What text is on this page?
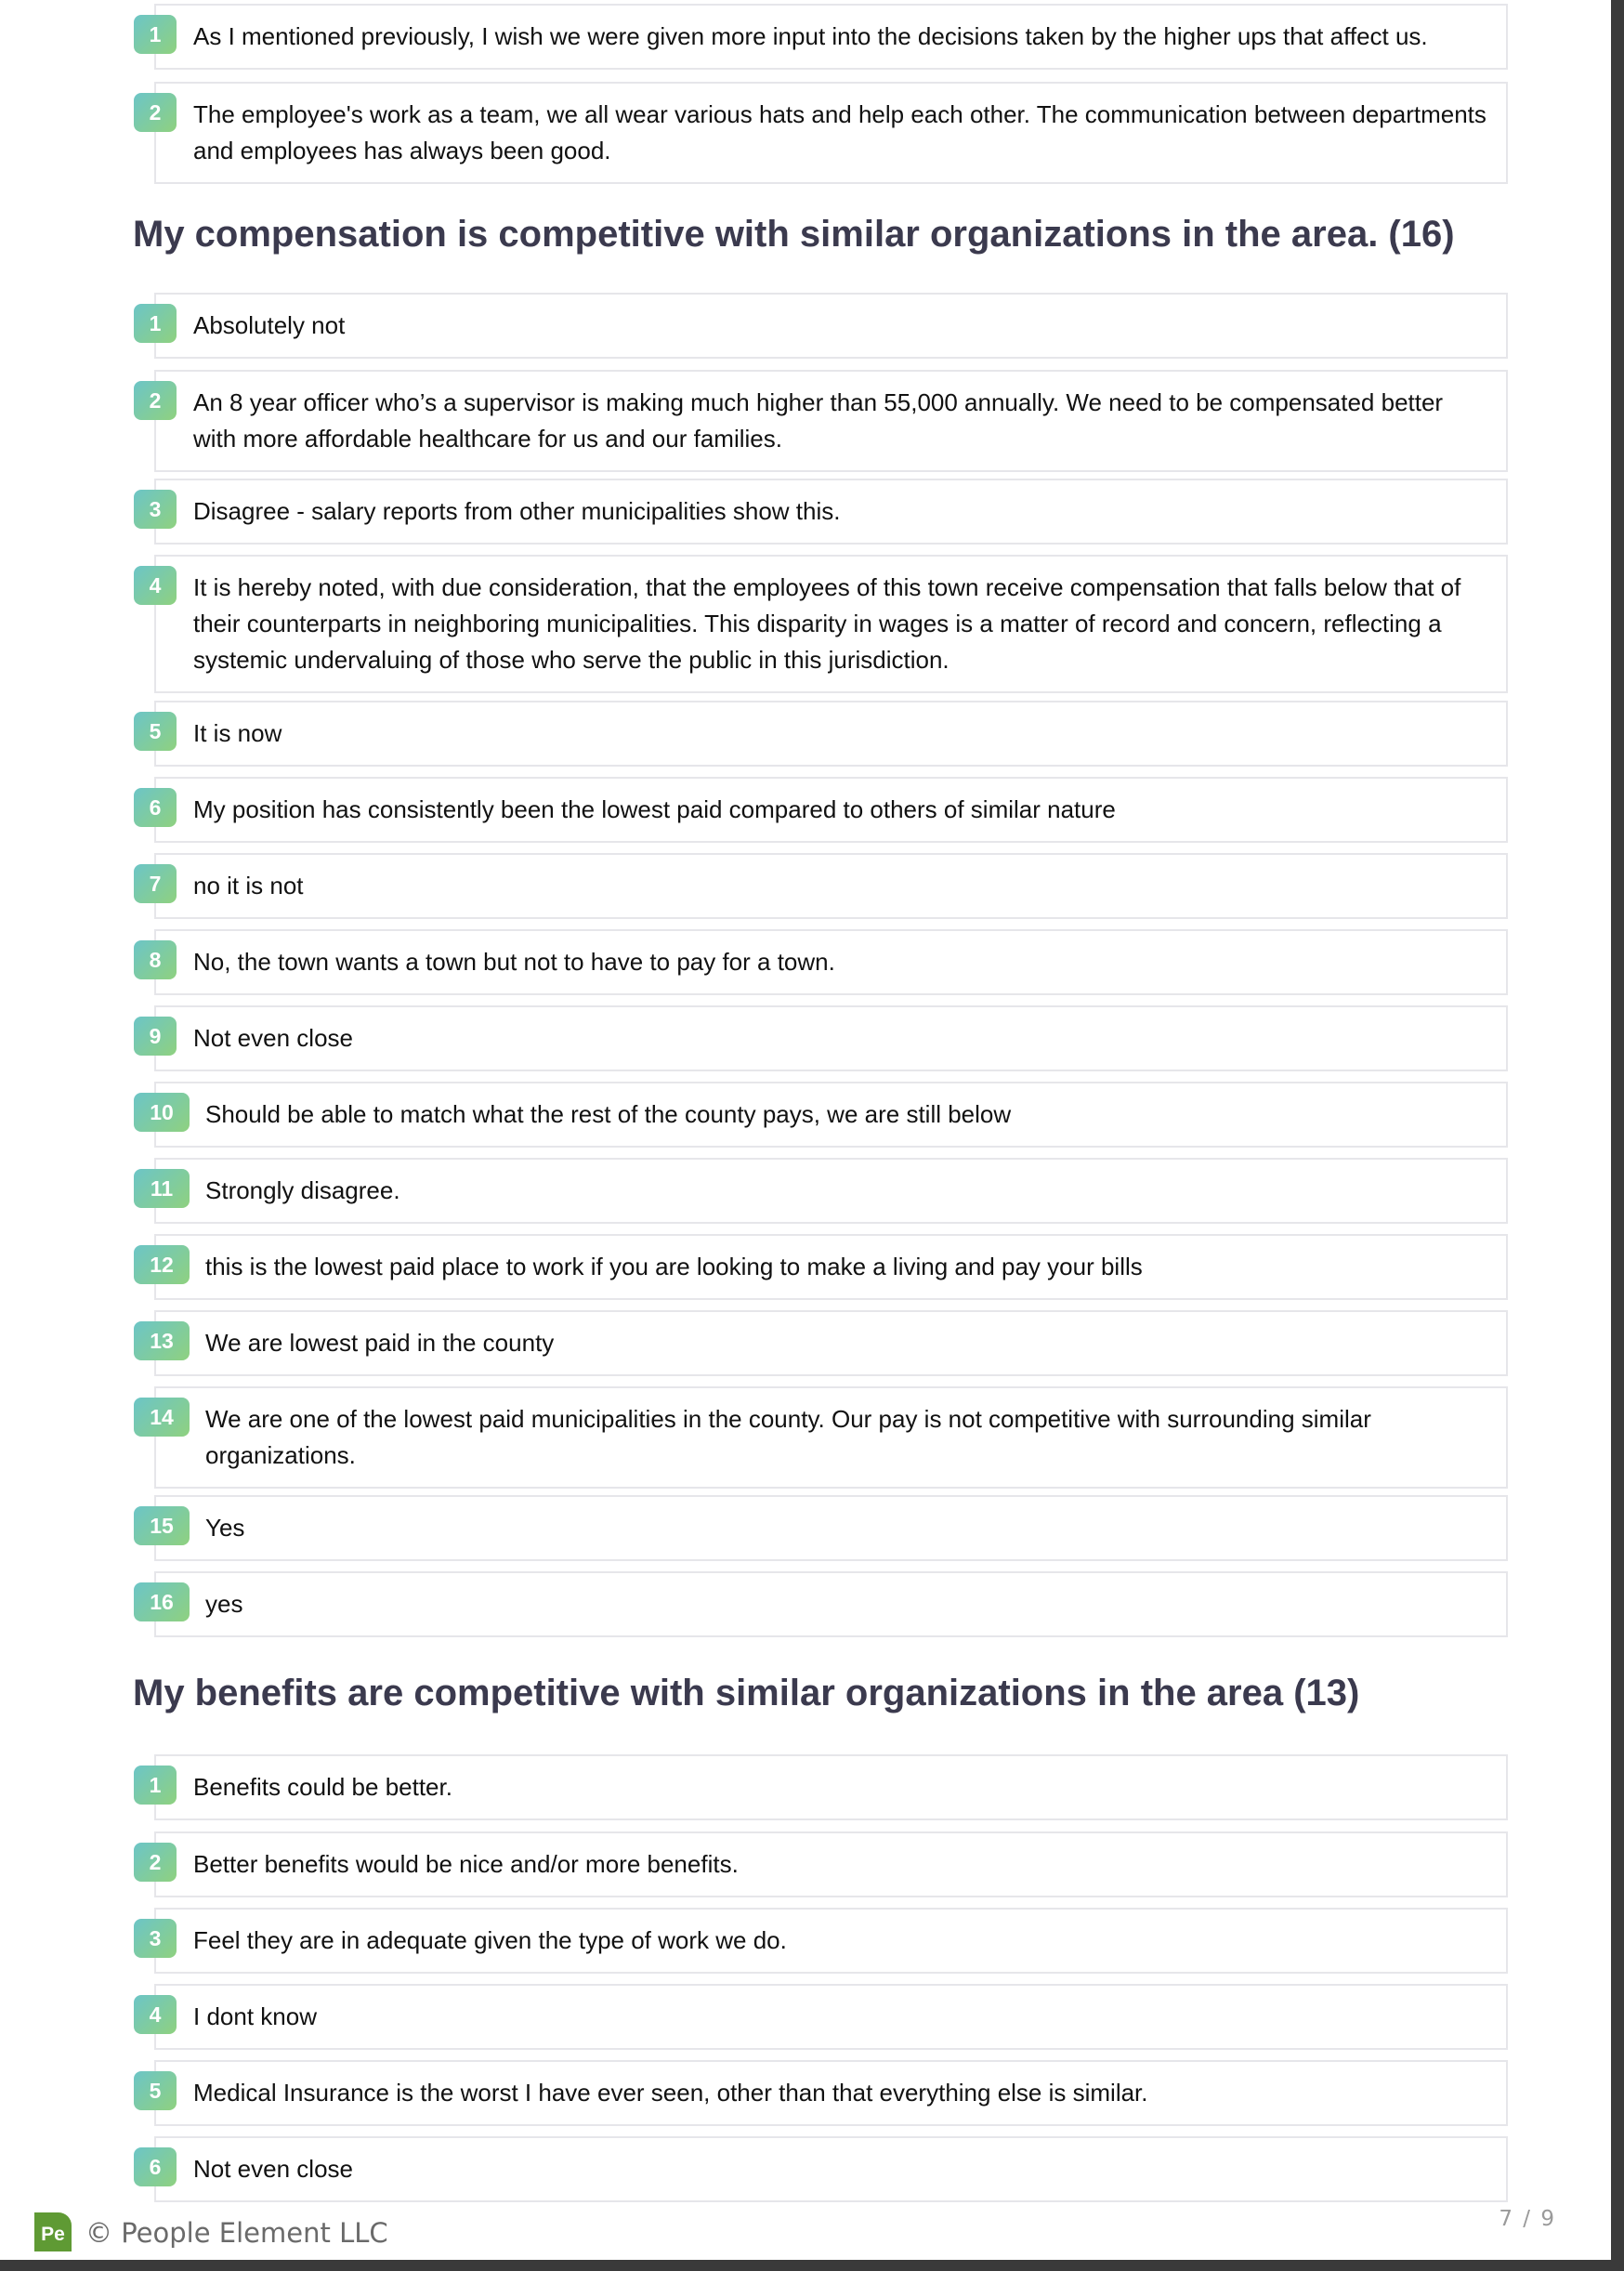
1	As I mentioned previously, I wish we were given more input into the decisions taken by the higher ups that affect us.
2	The employee's work as a team, we all wear various hats and help each other. The communication between departments and employees has always been good.
My compensation is competitive with similar organizations in the area. (16)
1	Absolutely not
2	An 8 year officer who’s a supervisor is making much higher than 55,000 annually. We need to be compensated better with more affordable healthcare for us and our families.
3	Disagree - salary reports from other municipalities show this.
4	It is hereby noted, with due consideration, that the employees of this town receive compensation that falls below that of their counterparts in neighboring municipalities. This disparity in wages is a matter of record and concern, reflecting a systemic undervaluing of those who serve the public in this jurisdiction.
5	It is now
6	My position has consistently been the lowest paid compared to others of similar nature
7	no it is not
8	No, the town wants a town but not to have to pay for a town.
9	Not even close
10	Should be able to match what the rest of the county pays, we are still below
11	Strongly disagree.
12	this is the lowest paid place to work if you are looking to make a living and pay your bills
13	We are lowest paid in the county
14	We are one of the lowest paid municipalities in the county. Our pay is not competitive with surrounding similar organizations.
15	Yes
16	yes
My benefits are competitive with similar organizations in the area (13)
1	Benefits could be better.
2	Better benefits would be nice and/or more benefits.
3	Feel they are in adequate given the type of work we do.
4	I dont know
5	Medical Insurance is the worst I have ever seen, other than that everything else is similar.
6	Not even close
Pe © People Element LLC	7 / 9
